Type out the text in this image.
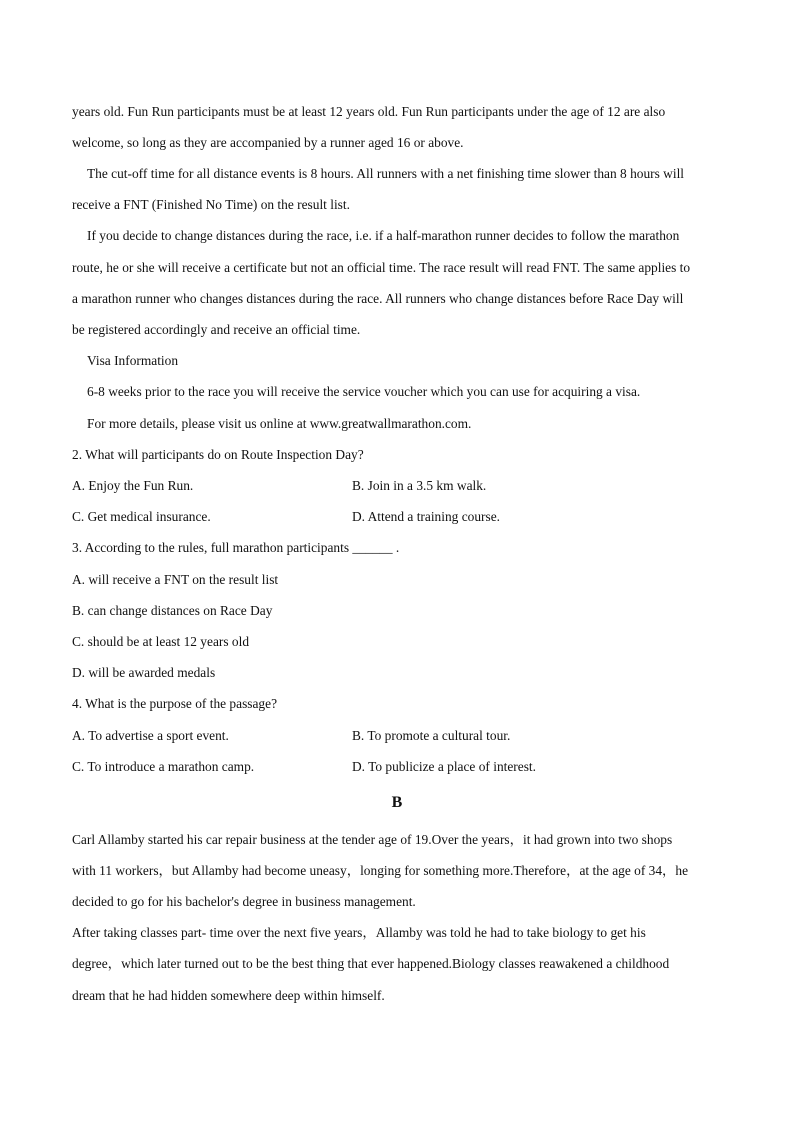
years old. Fun Run participants must be at least 12 years old. Fun Run participants under the age of 12 are also
welcome, so long as they are accompanied by a runner aged 16 or above.
The cut-off time for all distance events is 8 hours. All runners with a net finishing time slower than 8 hours will
receive a FNT (Finished No Time) on the result list.
If you decide to change distances during the race, i.e. if a half-marathon runner decides to follow the marathon
route, he or she will receive a certificate but not an official time. The race result will read FNT. The same applies to
a marathon runner who changes distances during the race. All runners who change distances before Race Day will
be registered accordingly and receive an official time.
Visa Information
6-8 weeks prior to the race you will receive the service voucher which you can use for acquiring a visa.
For more details, please visit us online at www.greatwallmarathon.com.
2. What will participants do on Route Inspection Day?
A. Enjoy the Fun Run.	B. Join in a 3.5 km walk.
C. Get medical insurance.	D. Attend a training course.
3. According to the rules, full marathon participants ______ .
A. will receive a FNT on the result list
B. can change distances on Race Day
C. should be at least 12 years old
D. will be awarded medals
4. What is the purpose of the passage?
A. To advertise a sport event.	B. To promote a cultural tour.
C. To introduce a marathon camp.	D. To publicize a place of interest.
B
Carl Allamby started his car repair business at the tender age of 19.Over the years，it had grown into two shops
with 11 workers，but Allamby had become uneasy，longing for something more.Therefore，at the age of 34，he
decided to go for his bachelor's degree in business management.
After taking classes part- time over the next five years，Allamby was told he had to take biology to get his
degree，which later turned out to be the best thing that ever happened.Biology classes reawakened a childhood
dream that he had hidden somewhere deep within himself.
